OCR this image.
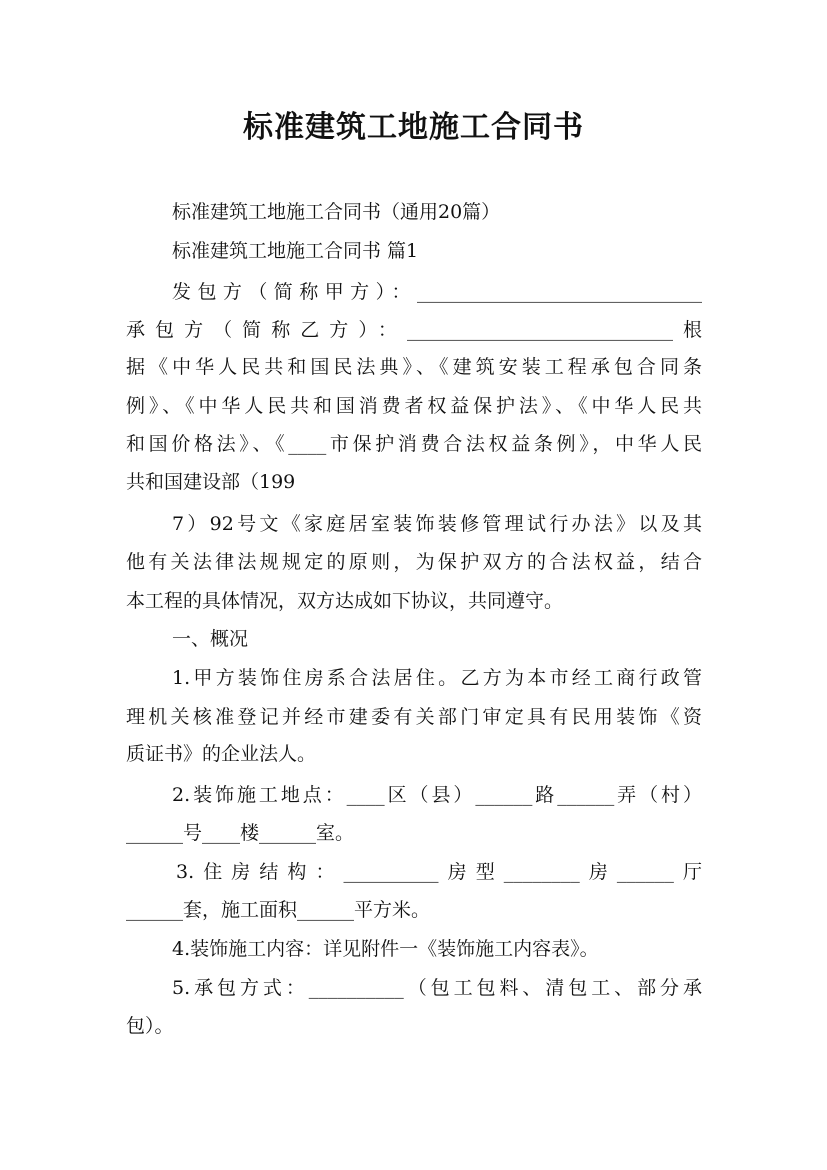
标准建筑工地施工合同书

标准建筑工地施工合同书（通用20篇）

标准建筑工地施工合同书 篇1

发包方（简称甲方）：______________________________

承包方（简称乙方）：____________________________根

据《中华人民共和国民法典》、《建筑安装工程承包合同条

例》、《中华人民共和国消费者权益保护法》、《中华人民共

和国价格法》、《____市保护消费合法权益条例》，中华人民

共和国建设部（199

7）92号文《家庭居室装饰装修管理试行办法》以及其

他有关法律法规规定的原则，为保护双方的合法权益，结合

本工程的具体情况，双方达成如下协议，共同遵守。

一、概况

1.甲方装饰住房系合法居住。乙方为本市经工商行政管

理机关核准登记并经市建委有关部门审定具有民用装饰《资

质证书》的企业法人。

2.装饰施工地点：____区（县）______路______弄（村）

______号____楼______室。

3.住房结构：__________房型________房______厅

______套，施工面积______平方米。

4.装饰施工内容：详见附件一《装饰施工内容表》。

5.承包方式：__________（包工包料、清包工、部分承

包）。
